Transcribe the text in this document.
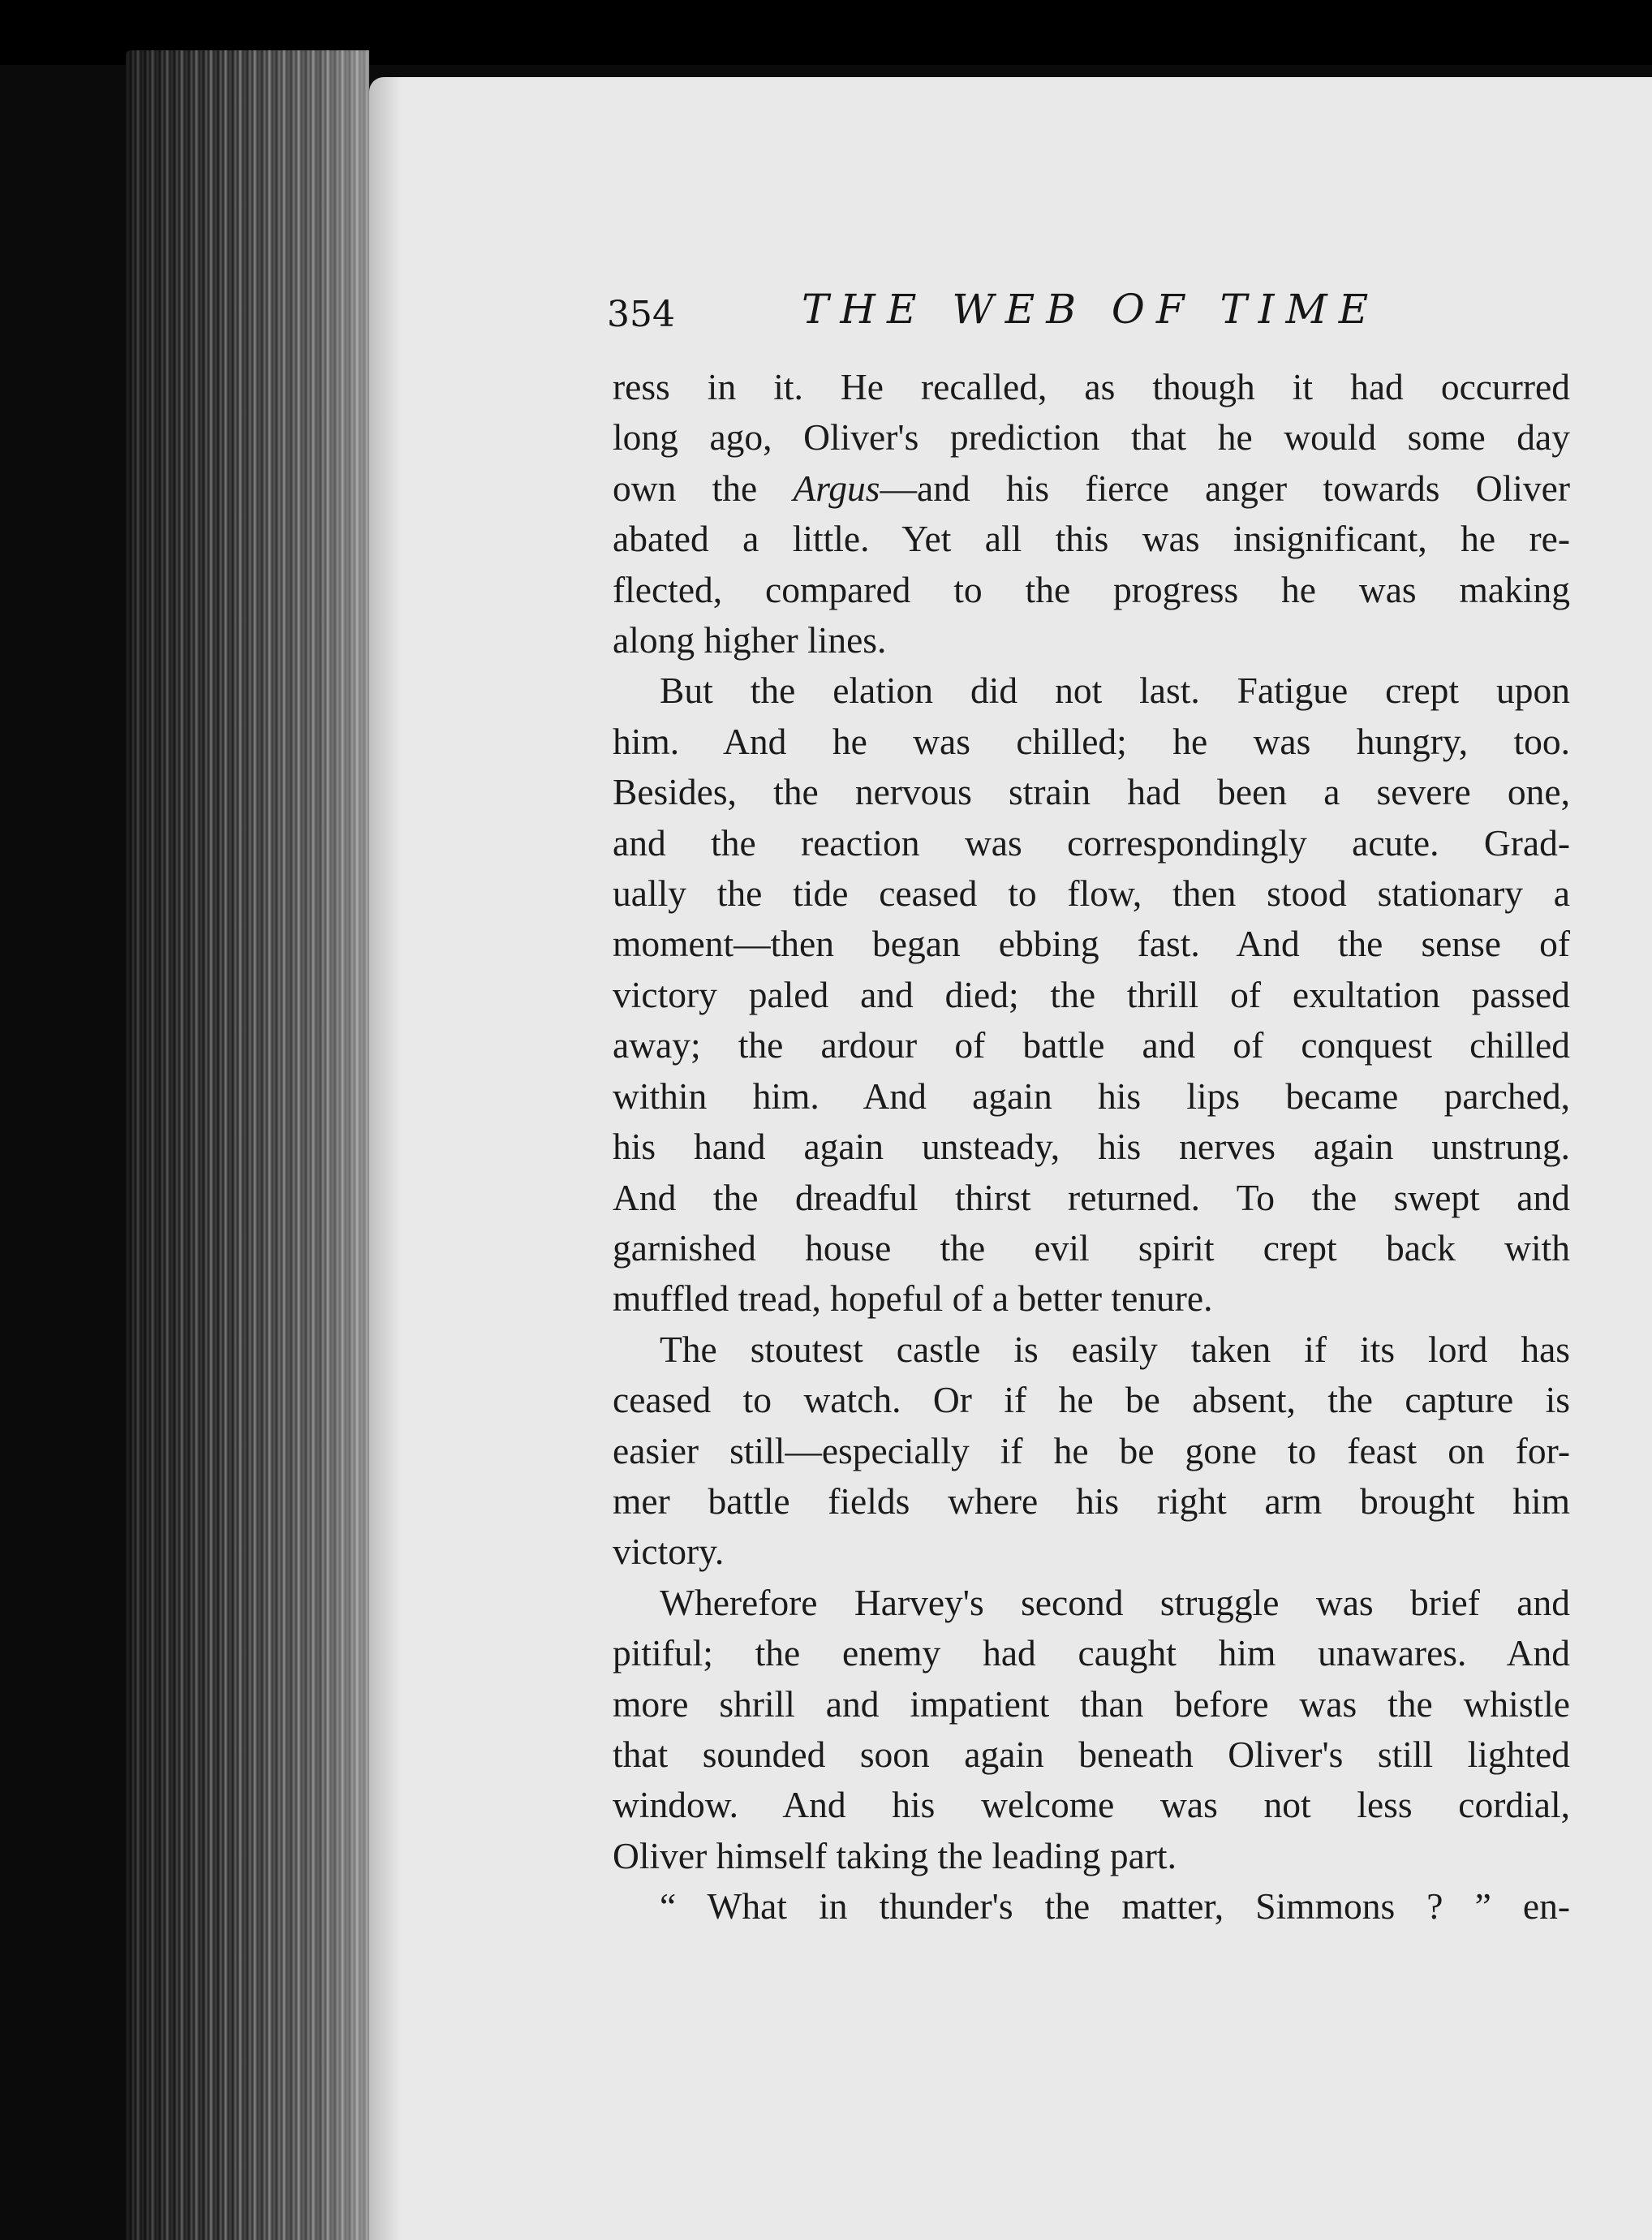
354	THE WEB OF TIME
ress in it. He recalled, as though it had occurred
long ago, Oliver's prediction that he would some day
own the Argus—and his fierce anger towards Oliver
abated a little. Yet all this was insignificant, he re-
flected, compared to the progress he was making
along higher lines.
But the elation did not last. Fatigue crept upon
him. And he was chilled; he was hungry, too.
Besides, the nervous strain had been a severe one,
and the reaction was correspondingly acute. Grad-
ually the tide ceased to flow, then stood stationary a
moment—then began ebbing fast. And the sense of
victory paled and died; the thrill of exultation passed
away; the ardour of battle and of conquest chilled
within him. And again his lips became parched,
his hand again unsteady, his nerves again unstrung.
And the dreadful thirst returned. To the swept and
garnished house the evil spirit crept back with
muffled tread, hopeful of a better tenure.
The stoutest castle is easily taken if its lord has
ceased to watch. Or if he be absent, the capture is
easier still—especially if he be gone to feast on for-
mer battle fields where his right arm brought him
victory.
Wherefore Harvey's second struggle was brief and
pitiful; the enemy had caught him unawares. And
more shrill and impatient than before was the whistle
that sounded soon again beneath Oliver's still lighted
window. And his welcome was not less cordial,
Oliver himself taking the leading part.
“ What in thunder's the matter, Simmons ? ” en-
